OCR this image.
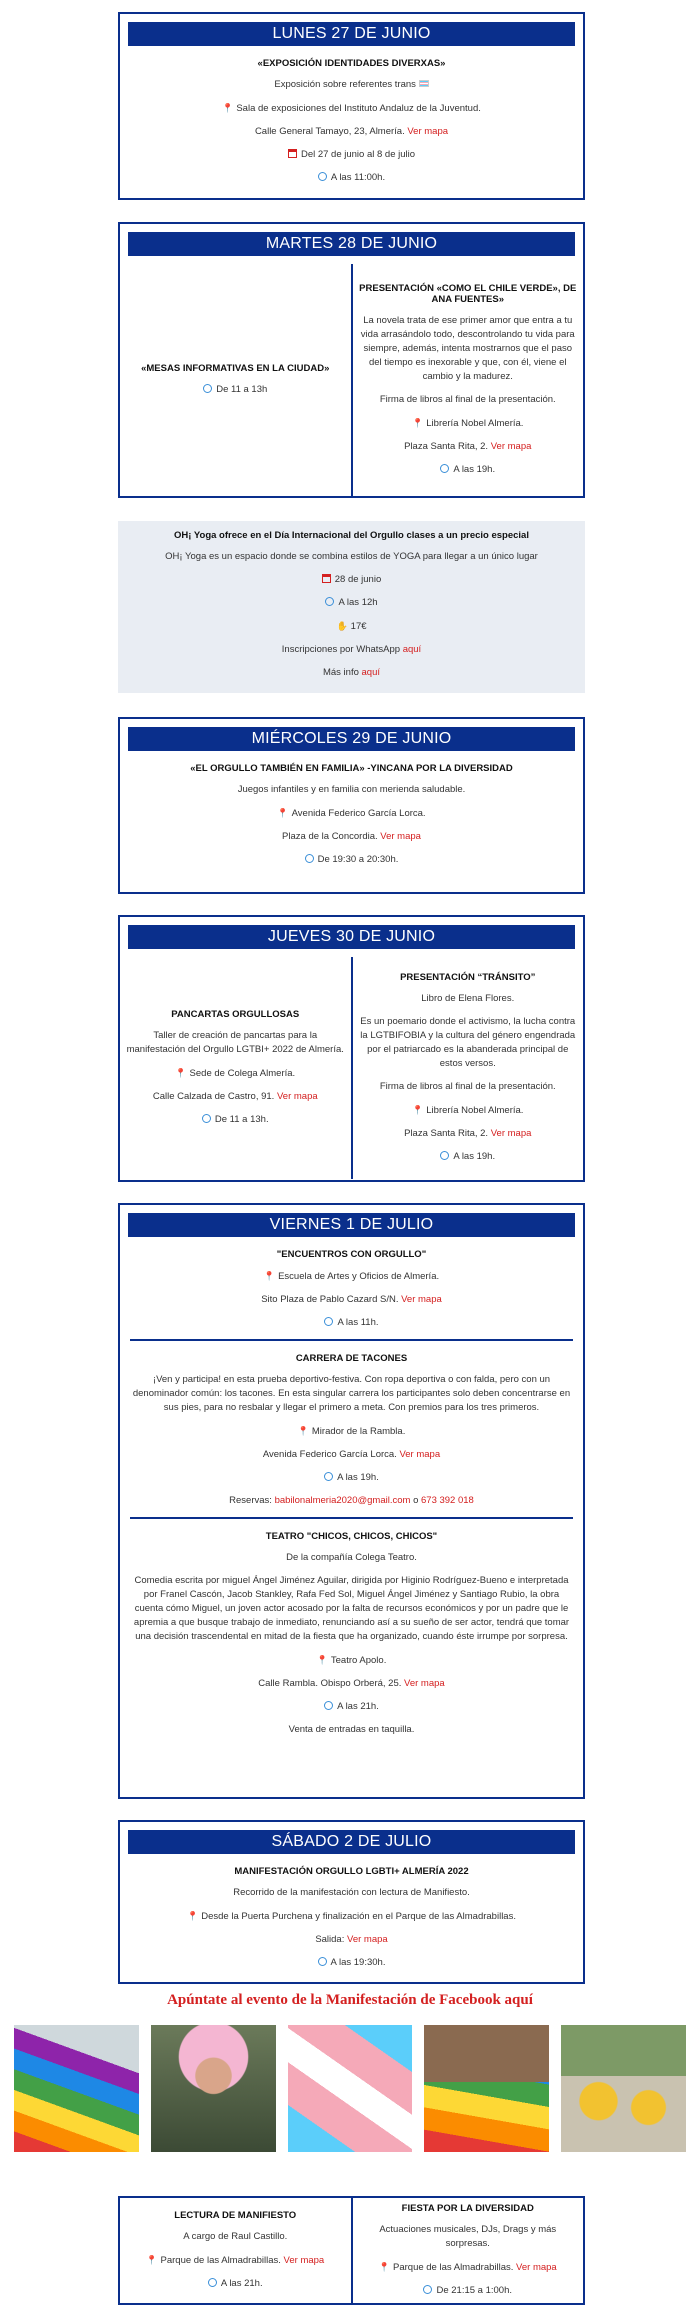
LUNES 27 DE JUNIO
«EXPOSICIÓN IDENTIDADES DIVERXAS»
Exposición sobre referentes trans
📍 Sala de exposiciones del Instituto Andaluz de la Juventud.
Calle General Tamayo, 23, Almería. Ver mapa
Del 27 de junio al 8 de julio
A las 11:00h.
MARTES 28 DE JUNIO
«MESAS INFORMATIVAS EN LA CIUDAD»
De 11 a 13h
PRESENTACIÓN «COMO EL CHILE VERDE», DE ANA FUENTES»
La novela trata de ese primer amor que entra a tu vida arrasándolo todo, descontrolando tu vida para siempre, además, intenta mostrarnos que el paso del tiempo es inexorable y que, con él, viene el cambio y la madurez.
Firma de libros al final de la presentación.
📍 Librería Nobel Almería.
Plaza Santa Rita, 2. Ver mapa
A las 19h.
OH¡ Yoga ofrece en el Día Internacional del Orgullo clases a un precio especial
OH¡ Yoga es un espacio donde se combina estilos de YOGA para llegar a un único lugar
28 de junio
A las 12h
✋ 17€
Inscripciones por WhatsApp aquí
Más info aquí
MIÉRCOLES 29 DE JUNIO
«EL ORGULLO TAMBIÉN EN FAMILIA» -YINCANA POR LA DIVERSIDAD
Juegos infantiles y en familia con merienda saludable.
📍 Avenida Federico García Lorca.
Plaza de la Concordia. Ver mapa
De 19:30 a 20:30h.
JUEVES 30 DE JUNIO
PANCARTAS ORGULLOSAS
Taller de creación de pancartas para la manifestación del Orgullo LGTBI+ 2022 de Almería.
📍 Sede de Colega Almería.
Calle Calzada de Castro, 91. Ver mapa
De 11 a 13h.
PRESENTACIÓN “TRÁNSITO”
Libro de Elena Flores.
Es un poemario donde el activismo, la lucha contra la LGTBIFOBIA y la cultura del género engendrada por el patriarcado es la abanderada principal de estos versos.
Firma de libros al final de la presentación.
📍 Librería Nobel Almería.
Plaza Santa Rita, 2. Ver mapa
A las 19h.
VIERNES 1 DE JULIO
"ENCUENTROS CON ORGULLO"
📍 Escuela de Artes y Oficios de Almería.
Sito Plaza de Pablo Cazard S/N. Ver mapa
A las 11h.
CARRERA DE TACONES
¡Ven y participa! en esta prueba deportivo-festiva. Con ropa deportiva o con falda, pero con un denominador común: los tacones. En esta singular carrera los participantes solo deben concentrarse en sus pies, para no resbalar y llegar el primero a meta. Con premios para los tres primeros.
📍 Mirador de la Rambla.
Avenida Federico García Lorca. Ver mapa
A las 19h.
Reservas: babilonalmeria2020@gmail.com o 673 392 018
TEATRO "CHICOS, CHICOS, CHICOS"
De la compañía Colega Teatro.
Comedia escrita por miguel Ángel Jiménez Aguilar, dirigida por Higinio Rodríguez-Bueno e interpretada por Franel Cascón, Jacob Stankley, Rafa Fed Sol, Miguel Ángel Jiménez y Santiago Rubio, la obra cuenta cómo Miguel, un joven actor acosado por la falta de recursos económicos y por un padre que le apremia a que busque trabajo de inmediato, renunciando así a su sueño de ser actor, tendrá que tomar una decisión trascendental en mitad de la fiesta que ha organizado, cuando éste irrumpe por sorpresa.
📍 Teatro Apolo.
Calle Rambla. Obispo Orberá, 25. Ver mapa
A las 21h.
Venta de entradas en taquilla.
SÁBADO 2 DE JULIO
MANIFESTACIÓN ORGULLO LGBTI+ ALMERÍA 2022
Recorrido de la manifestación con lectura de Manifiesto.
📍 Desde la Puerta Purchena y finalización en el Parque de las Almadrabillas.
Salida: Ver mapa
A las 19:30h.
Apúntate al evento de la Manifestación de Facebook aquí
LECTURA DE MANIFIESTO
A cargo de Raul Castillo.
📍 Parque de las Almadrabillas. Ver mapa
A las 21h.
FIESTA POR LA DIVERSIDAD
Actuaciones musicales, DJs, Drags y más sorpresas.
📍 Parque de las Almadrabillas. Ver mapa
De 21:15 a 1:00h.
